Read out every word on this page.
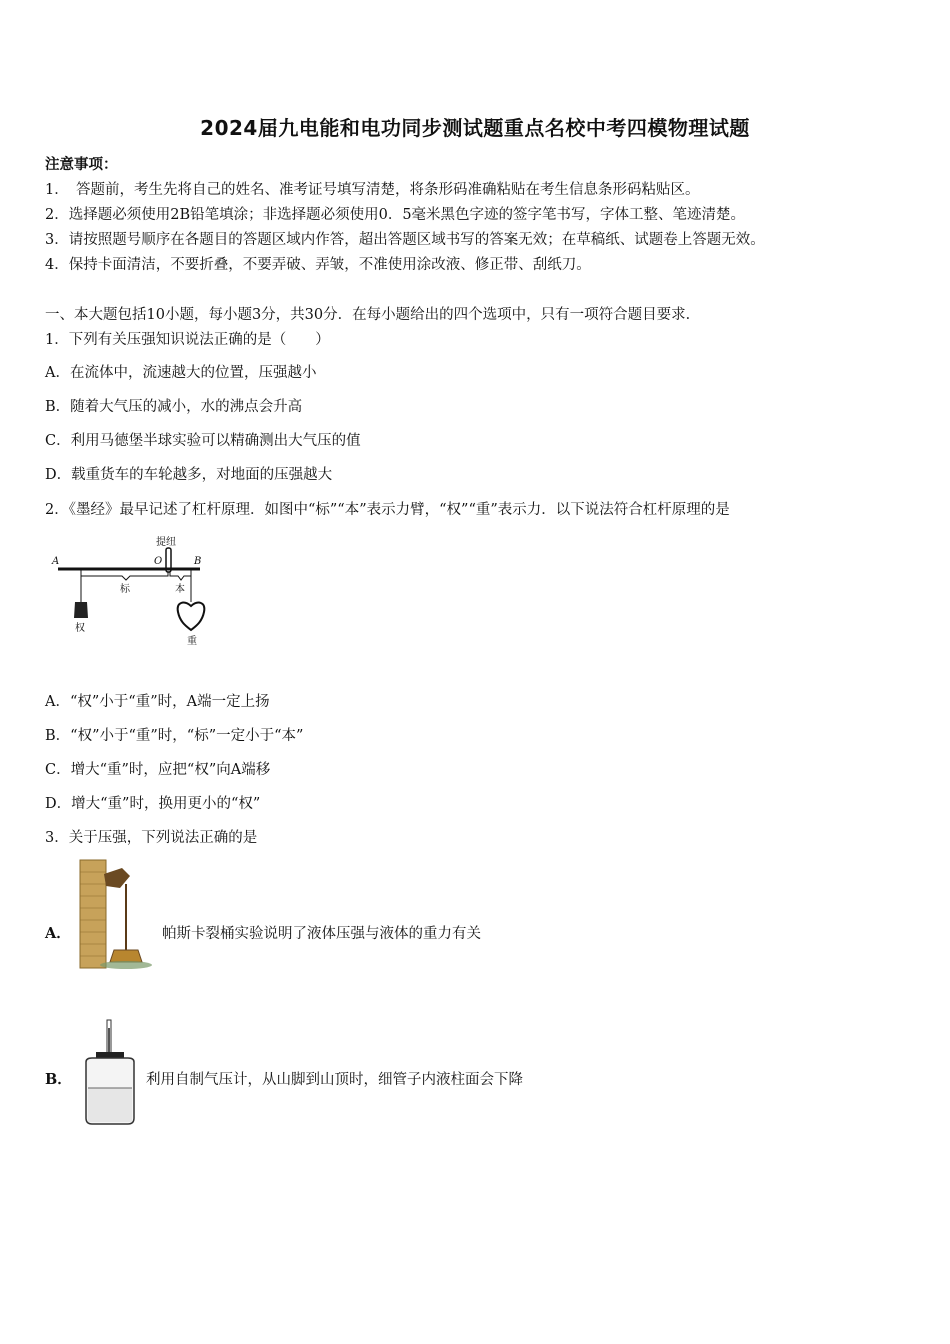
2024届九电能和电功同步测试题重点名校中考四模物理试题
注意事项：
1．　答题前，考生先将自己的姓名、准考证号填写清楚，将条形码准确粘贴在考生信息条形码粘贴区。
2．选择题必须使用2B铅笔填涂；非选择题必须使用0．5毫米黑色字迹的签字笔书写，字体工整、笔迹清楚。
3．请按照题号顺序在各题目的答题区域内作答，超出答题区域书写的答案无效；在草稿纸、试题卷上答题无效。
4．保持卡面清洁，不要折叠，不要弄破、弄皱，不准使用涂改液、修正带、刮纸刀。
一、本大题包括10小题，每小题3分，共30分．在每小题给出的四个选项中，只有一项符合题目要求．
1．下列有关压强知识说法正确的是（　　）
A．在流体中，流速越大的位置，压强越小
B．随着大气压的减小，水的沸点会升高
C．利用马德堡半球实验可以精确测出大气压的值
D．载重货车的车轮越多，对地面的压强越大
2．《墨经》最早记述了杠杆原理．如图中“标”“本”表示力臂，“权”“重”表示力．以下说法符合杠杆原理的是
A
提纽
O	B
标	本
权
重
A．“权”小于“重”时，A端一定上扬
B．“权”小于“重”时，“标”一定小于“本”
C．增大“重”时，应把“权”向A端移
D．增大“重”时，换用更小的“权”
3．关于压强，下列说法正确的是
A．	帕斯卡裂桶实验说明了液体压强与液体的重力有关
B．	利用自制气压计，从山脚到山顶时，细管子内液柱面会下降
